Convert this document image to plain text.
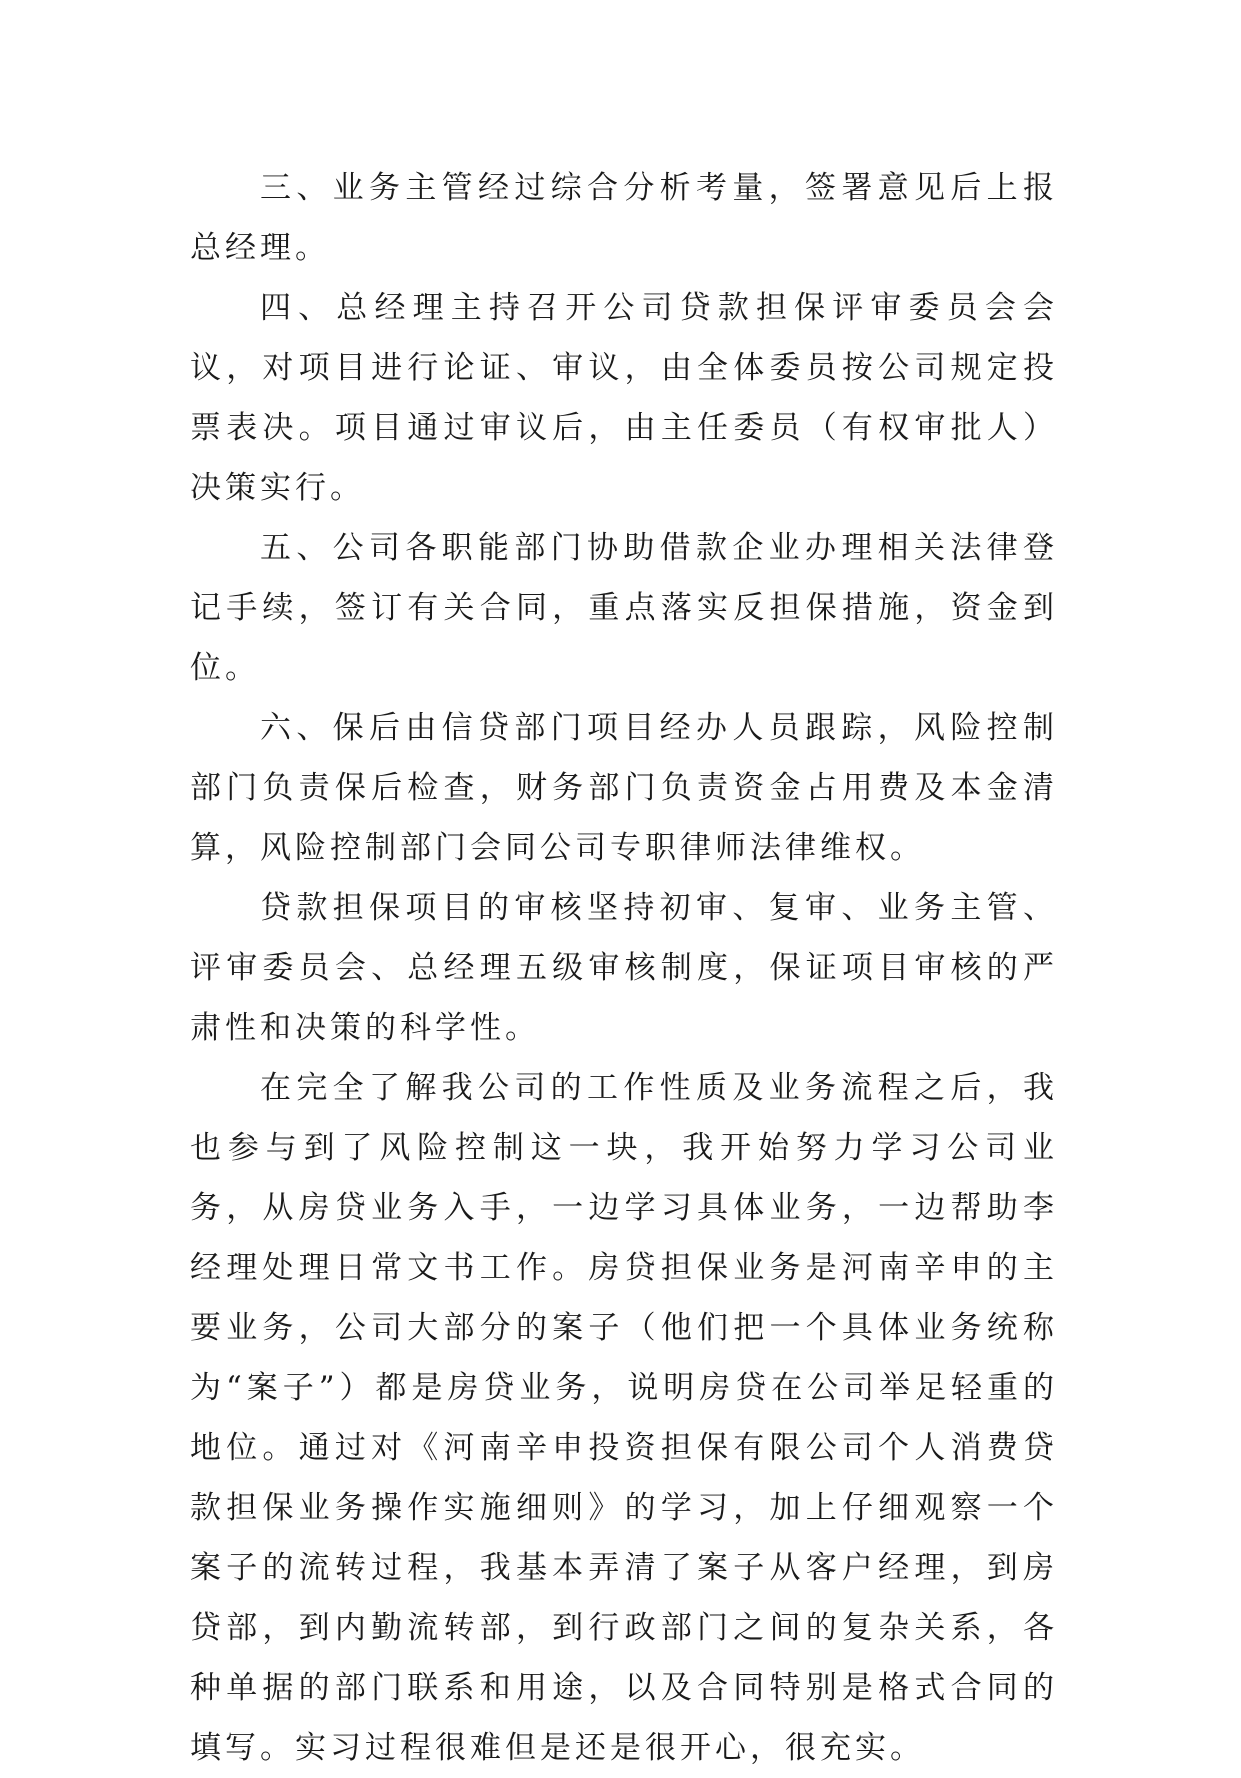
三、业务主管经过综合分析考量，签署意见后上报总经理。

四、总经理主持召开公司贷款担保评审委员会会议，对项目进行论证、审议，由全体委员按公司规定投票表决。项目通过审议后，由主任委员（有权审批人）决策实行。

五、公司各职能部门协助借款企业办理相关法律登记手续，签订有关合同，重点落实反担保措施，资金到位。

六、保后由信贷部门项目经办人员跟踪，风险控制部门负责保后检查，财务部门负责资金占用费及本金清算，风险控制部门会同公司专职律师法律维权。

贷款担保项目的审核坚持初审、复审、业务主管、评审委员会、总经理五级审核制度，保证项目审核的严肃性和决策的科学性。

在完全了解我公司的工作性质及业务流程之后，我也参与到了风险控制这一块，我开始努力学习公司业务，从房贷业务入手，一边学习具体业务，一边帮助李经理处理日常文书工作。房贷担保业务是河南辛申的主要业务，公司大部分的案子（他们把一个具体业务统称为“案子”）都是房贷业务，说明房贷在公司举足轻重的地位。通过对《河南辛申投资担保有限公司个人消费贷款担保业务操作实施细则》的学习，加上仔细观察一个案子的流转过程，我基本弄清了案子从客户经理，到房贷部，到内勤流转部，到行政部门之间的复杂关系，各种单据的部门联系和用途，以及合同特别是格式合同的填写。实习过程很难但是还是很开心，很充实。
